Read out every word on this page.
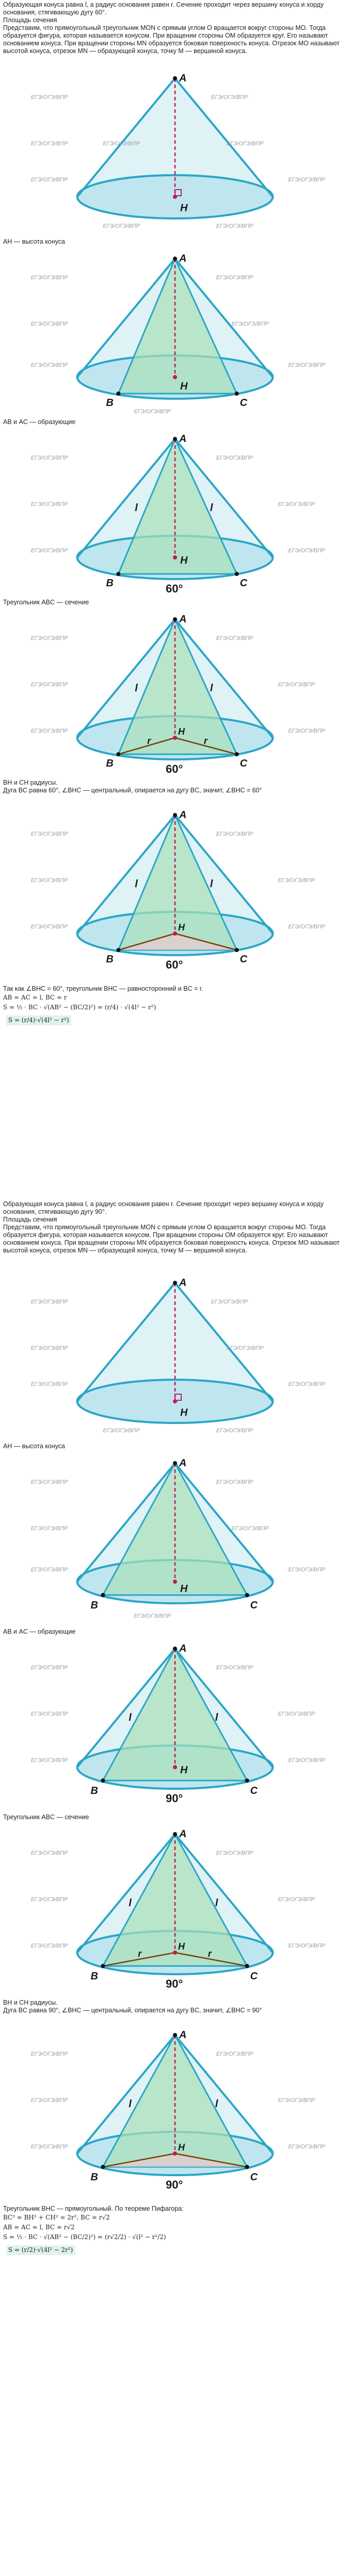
Образующая конуса равна l, а радиус основания равен r. Сечение проходит через вершину конуса и хорду основания, стягивающую дугу 60°.

Площадь сечения

Представим, что прямоугольный треугольник MON с прямым углом O вращается вокруг стороны MO. Тогда образуется фигура, которая называется конусом. При вращении стороны OM образуется круг. Его называют основанием конуса. При вращении стороны MN образуется боковая поверхность конуса. Отрезок MO называют высотой конуса, отрезок MN — образующей конуса, точку M — вершиной конуса.

A
H
ЕГЭ/ОГЭ/ВПР	ЕГЭ/ОГЭ/ВПР
ЕГЭ/ОГЭ/ВПР	ЕГЭ/ОГЭ/ВПР	ЕГЭ/ОГЭ/ВПР
ЕГЭ/ОГЭ/ВПР	ЕГЭ/ОГЭ/ВПР
ЕГЭ/ОГЭ/ВПР	ЕГЭ/ОГЭ/ВПР

AH — высота конуса

A
H
B	C
ЕГЭ/ОГЭ/ВПР	ЕГЭ/ОГЭ/ВПР
ЕГЭ/ОГЭ/ВПР	ЕГЭ/ОГЭ/ВПР
ЕГЭ/ОГЭ/ВПР	ЕГЭ/ОГЭ/ВПР
ЕГЭ/ОГЭ/ВПР

AB и AC — образующие

A
H
B	C
l	l
60°
ЕГЭ/ОГЭ/ВПР	ЕГЭ/ОГЭ/ВПР
ЕГЭ/ОГЭ/ВПР	ЕГЭ/ОГЭ/ВПР
ЕГЭ/ОГЭ/ВПР	ЕГЭ/ОГЭ/ВПР

Треугольник ABC — сечение

A
H
B	C
l	l
r	r
60°
ЕГЭ/ОГЭ/ВПР	ЕГЭ/ОГЭ/ВПР
ЕГЭ/ОГЭ/ВПР	ЕГЭ/ОГЭ/ВПР
ЕГЭ/ОГЭ/ВПР	ЕГЭ/ОГЭ/ВПР

BH и CH радиусы.

Дуга BC равна 60°, ∠BHC — центральный, опирается на дугу BC, значит, ∠BHC = 60°

A
H
B	C
l	l
60°
ЕГЭ/ОГЭ/ВПР	ЕГЭ/ОГЭ/ВПР
ЕГЭ/ОГЭ/ВПР	ЕГЭ/ОГЭ/ВПР
ЕГЭ/ОГЭ/ВПР	ЕГЭ/ОГЭ/ВПР

Так как ∠BHC = 60°, треугольник BHC — равносторонний и BC = r.

AB = AC = l, BC = r

S = ½ · BC · √(AB² − (BC/2)²) = (r/4) · √(4l² − r²)

S = (r/4)·√(4l² − r²)

Образующая конуса равна l, а радиус основания равен r. Сечение проходит через вершину конуса и хорду основания, стягивающую дугу 90°.

Площадь сечения

Представим, что прямоугольный треугольник MON с прямым углом O вращается вокруг стороны MO. Тогда образуется фигура, которая называется конусом. При вращении стороны OM образуется круг. Его называют основанием конуса. При вращении стороны MN образуется боковая поверхность конуса. Отрезок MO называют высотой конуса, отрезок MN — образующей конуса, точку M — вершиной конуса.

A
H
ЕГЭ/ОГЭ/ВПР	ЕГЭ/ОГЭ/ВПР
ЕГЭ/ОГЭ/ВПР	ЕГЭ/ОГЭ/ВПР
ЕГЭ/ОГЭ/ВПР	ЕГЭ/ОГЭ/ВПР
ЕГЭ/ОГЭ/ВПР	ЕГЭ/ОГЭ/ВПР

AH — высота конуса

A
H
B	C
ЕГЭ/ОГЭ/ВПР	ЕГЭ/ОГЭ/ВПР
ЕГЭ/ОГЭ/ВПР	ЕГЭ/ОГЭ/ВПР
ЕГЭ/ОГЭ/ВПР	ЕГЭ/ОГЭ/ВПР
ЕГЭ/ОГЭ/ВПР

AB и AC — образующие

A
H
B	C
l	l
90°
ЕГЭ/ОГЭ/ВПР	ЕГЭ/ОГЭ/ВПР
ЕГЭ/ОГЭ/ВПР	ЕГЭ/ОГЭ/ВПР
ЕГЭ/ОГЭ/ВПР	ЕГЭ/ОГЭ/ВПР

Треугольник ABC — сечение

A
H
B	C
l	l
r	r
90°
ЕГЭ/ОГЭ/ВПР	ЕГЭ/ОГЭ/ВПР
ЕГЭ/ОГЭ/ВПР	ЕГЭ/ОГЭ/ВПР
ЕГЭ/ОГЭ/ВПР	ЕГЭ/ОГЭ/ВПР

BH и CH радиусы.

Дуга BC равна 90°, ∠BHC — центральный, опирается на дугу BC, значит, ∠BHC = 90°

A
H
B	C
l	l
90°
ЕГЭ/ОГЭ/ВПР	ЕГЭ/ОГЭ/ВПР
ЕГЭ/ОГЭ/ВПР	ЕГЭ/ОГЭ/ВПР
ЕГЭ/ОГЭ/ВПР	ЕГЭ/ОГЭ/ВПР

Треугольник BHC — прямоугольный. По теореме Пифагора:

BC² = BH² + CH² = 2r², BC = r√2

AB = AC = l, BC = r√2

S = ½ · BC · √(AB² − (BC/2)²) = (r√2/2) · √(l² − r²/2)

S = (r/2)·√(4l² − 2r²)
